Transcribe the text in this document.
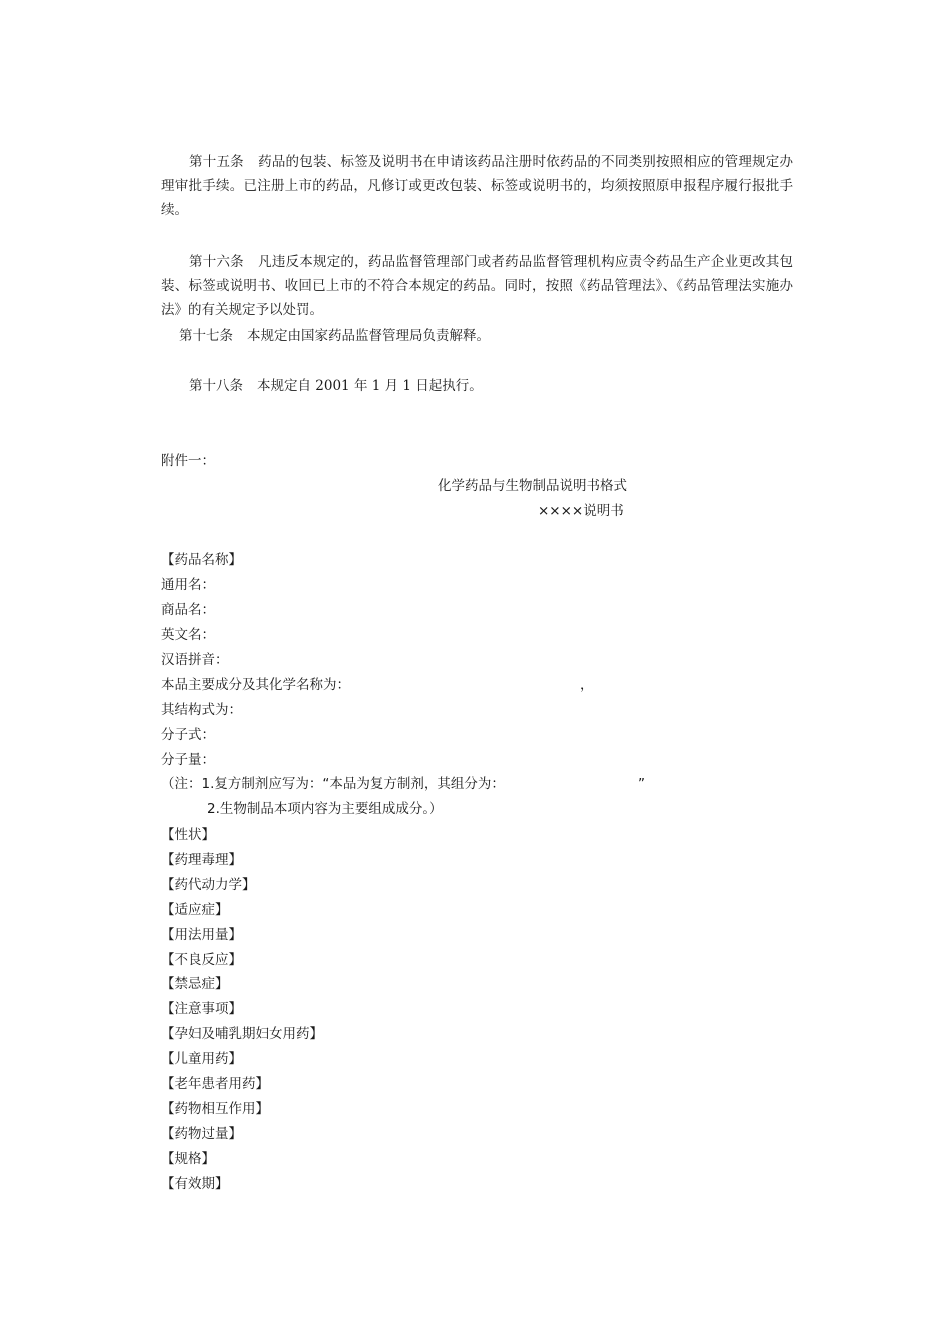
第十五条 药品的包装、标签及说明书在申请该药品注册时依药品的不同类别按照相应的管理规定办理审批手续。已注册上市的药品，凡修订或更改包装、标签或说明书的，均须按照原申报程序履行报批手续。

第十六条 凡违反本规定的，药品监督管理部门或者药品监督管理机构应责令药品生产企业更改其包装、标签或说明书、收回已上市的不符合本规定的药品。同时，按照《药品管理法》、《药品管理法实施办法》的有关规定予以处罚。

第十七条 本规定由国家药品监督管理局负责解释。

第十八条 本规定自 2001 年 1 月 1 日起执行。

附件一：

化学药品与生物制品说明书格式

××××说明书

【药品名称】

通用名：

商品名：

英文名：

汉语拼音：

本品主要成分及其化学名称为：	，

其结构式为：

分子式：

分子量：

（注：1.复方制剂应写为：“本品为复方制剂，其组分为：	”

2.生物制品本项内容为主要组成成分。）

【性状】
【药理毒理】
【药代动力学】
【适应症】
【用法用量】
【不良反应】
【禁忌症】
【注意事项】
【孕妇及哺乳期妇女用药】
【儿童用药】
【老年患者用药】
【药物相互作用】
【药物过量】
【规格】
【有效期】
